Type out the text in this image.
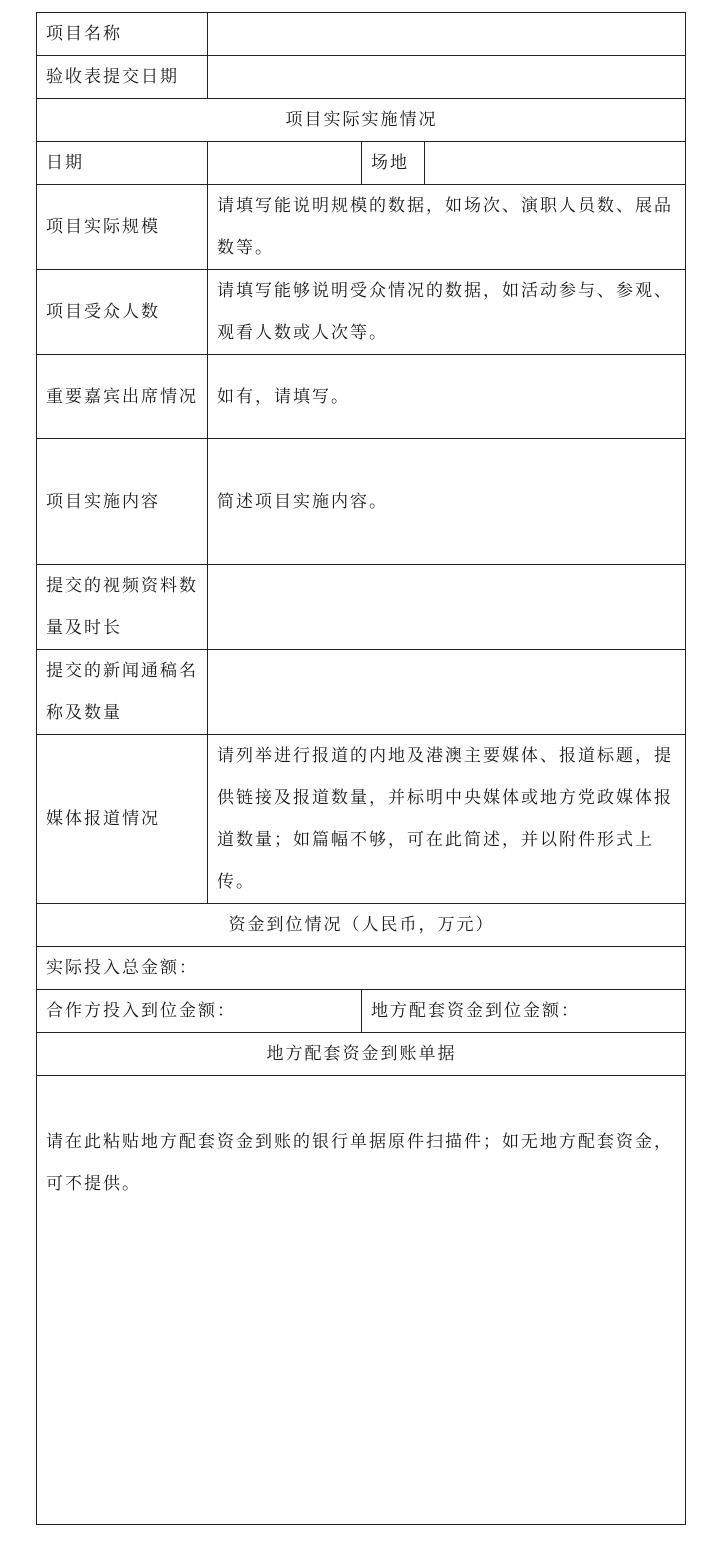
项目名称			
验收表提交日期			
项目实际实施情况			
日期		场地	
项目实际规模	请填写能说明规模的数据，如场次、演职人员数、展品数等。		
项目受众人数	请填写能够说明受众情况的数据，如活动参与、参观、观看人数或人次等。		
重要嘉宾出席情况	如有，请填写。		
项目实施内容	简述项目实施内容。		
提交的视频资料数量及时长			
提交的新闻通稿名称及数量			
媒体报道情况	请列举进行报道的内地及港澳主要媒体、报道标题，提供链接及报道数量，并标明中央媒体或地方党政媒体报道数量；如篇幅不够，可在此简述，并以附件形式上传。		
资金到位情况（人民币，万元）			
实际投入总金额：			
合作方投入到位金额：		地方配套资金到位金额：	
地方配套资金到账单据			

请在此粘贴地方配套资金到账的银行单据原件扫描件；如无地方配套资金，可不提供。			
